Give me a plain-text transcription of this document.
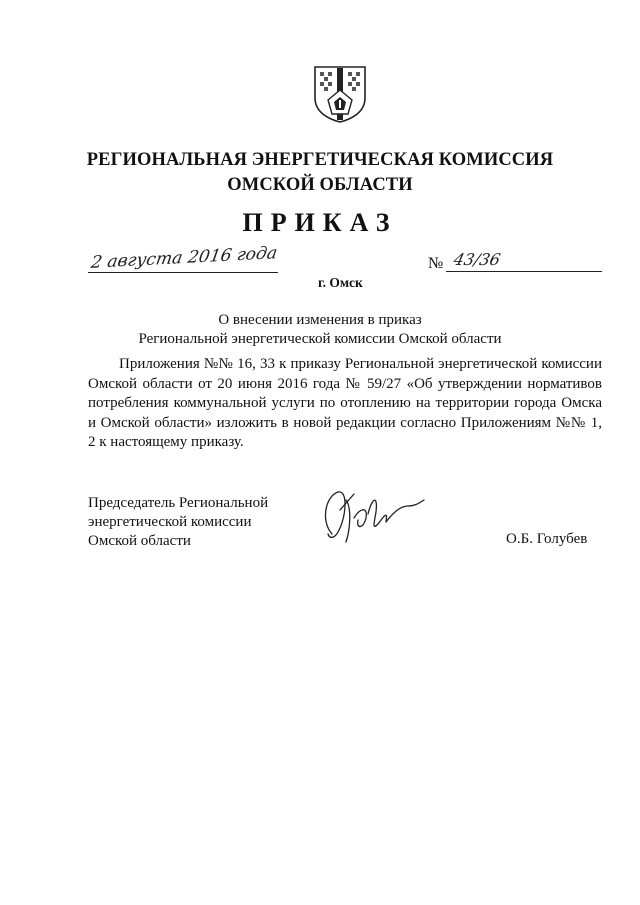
РЕГИОНАЛЬНАЯ ЭНЕРГЕТИЧЕСКАЯ КОМИССИЯ
ОМСКОЙ ОБЛАСТИ
ПРИКАЗ
2 августа 2016 года
г. Омск
№ 43/36
О внесении изменения в приказ
Региональной энергетической комиссии Омской области
Приложения №№ 16, 33 к приказу Региональной энергетической комиссии Омской области от 20 июня 2016 года № 59/27 «Об утверждении нормативов потребления коммунальной услуги по отоплению на территории города Омска и Омской области» изложить в новой редакции согласно Приложениям №№ 1, 2 к настоящему приказу.
Председатель Региональной
энергетической комиссии
Омской области	О.Б. Голубев
